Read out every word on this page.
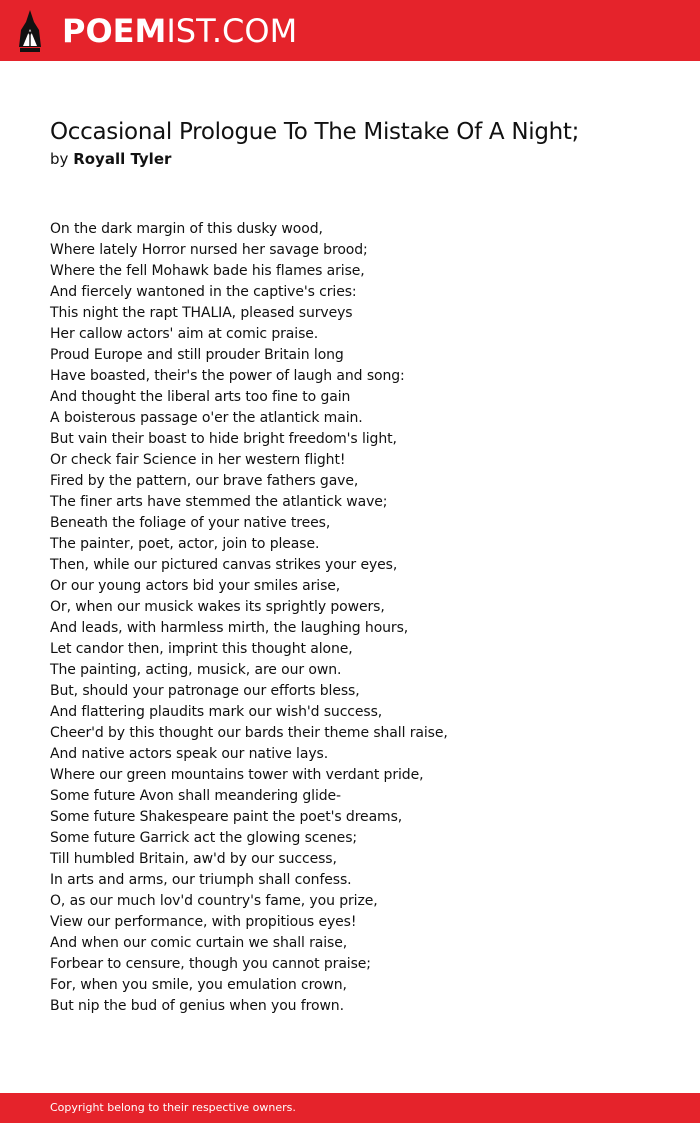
POEMIST.COM
Occasional Prologue To The Mistake Of A Night;
by Royall Tyler
On the dark margin of this dusky wood,
Where lately Horror nursed her savage brood;
Where the fell Mohawk bade his flames arise,
And fiercely wantoned in the captive's cries:
This night the rapt THALIA, pleased surveys
Her callow actors' aim at comic praise.
Proud Europe and still prouder Britain long
Have boasted, their's the power of laugh and song:
And thought the liberal arts too fine to gain
A boisterous passage o'er the atlantick main.
But vain their boast to hide bright freedom's light,
Or check fair Science in her western flight!
Fired by the pattern, our brave fathers gave,
The finer arts have stemmed the atlantick wave;
Beneath the foliage of your native trees,
The painter, poet, actor, join to please.
Then, while our pictured canvas strikes your eyes,
Or our young actors bid your smiles arise,
Or, when our musick wakes its sprightly powers,
And leads, with harmless mirth, the laughing hours,
Let candor then, imprint this thought alone,
The painting, acting, musick, are our own.
But, should your patronage our efforts bless,
And flattering plaudits mark our wish'd success,
Cheer'd by this thought our bards their theme shall raise,
And native actors speak our native lays.
Where our green mountains tower with verdant pride,
Some future Avon shall meandering glide-
Some future Shakespeare paint the poet's dreams,
Some future Garrick act the glowing scenes;
Till humbled Britain, aw'd by our success,
In arts and arms, our triumph shall confess.
O, as our much lov'd country's fame, you prize,
View our performance, with propitious eyes!
And when our comic curtain we shall raise,
Forbear to censure, though you cannot praise;
For, when you smile, you emulation crown,
But nip the bud of genius when you frown.
Copyright belong to their respective owners.
